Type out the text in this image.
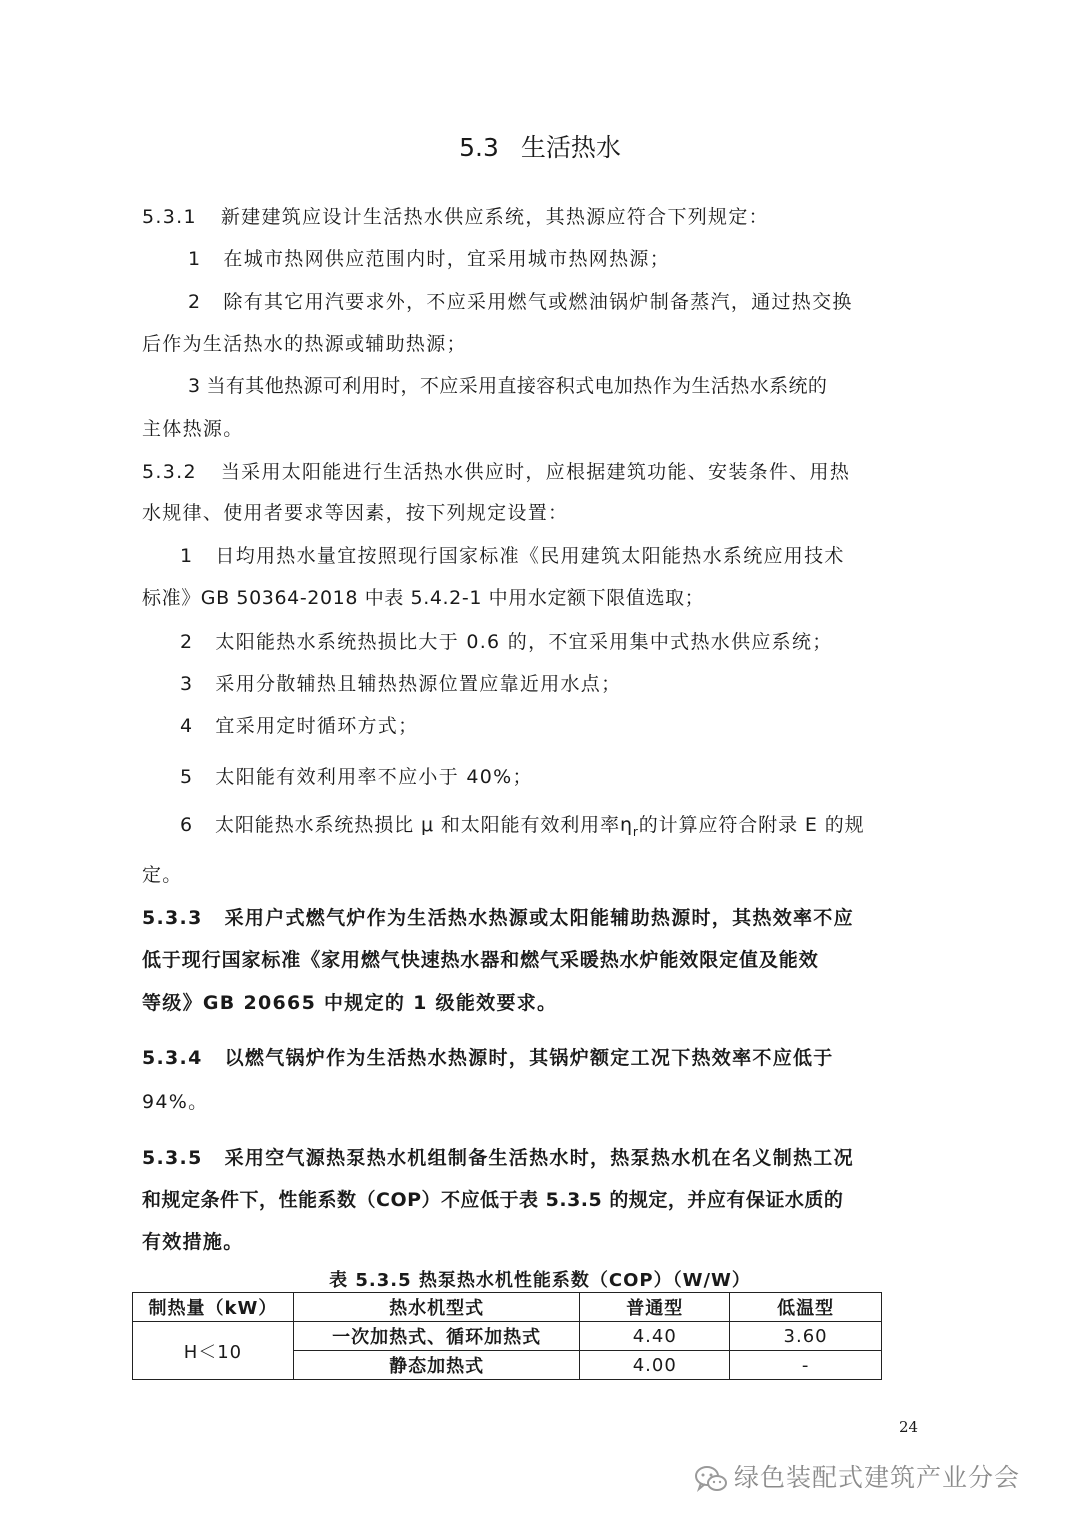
5.3 生活热水
5.3.1 新建建筑应设计生活热水供应系统，其热源应符合下列规定：
1 在城市热网供应范围内时，宜采用城市热网热源；
2 除有其它用汽要求外，不应采用燃气或燃油锅炉制备蒸汽，通过热交换
后作为生活热水的热源或辅助热源；
3 当有其他热源可利用时，不应采用直接容积式电加热作为生活热水系统的
主体热源。
5.3.2 当采用太阳能进行生活热水供应时，应根据建筑功能、安装条件、用热
水规律、使用者要求等因素，按下列规定设置：
1 日均用热水量宜按照现行国家标准《民用建筑太阳能热水系统应用技术
标准》GB 50364-2018 中表 5.4.2-1 中用水定额下限值选取；
2 太阳能热水系统热损比大于 0.6 的，不宜采用集中式热水供应系统；
3 采用分散辅热且辅热热源位置应靠近用水点；
4 宜采用定时循环方式；
5 太阳能有效利用率不应小于 40%；
6 太阳能热水系统热损比 μ 和太阳能有效利用率$\eta_r$的计算应符合附录 E 的规
定。
5.3.3 采用户式燃气炉作为生活热水热源或太阳能辅助热源时，其热效率不应
低于现行国家标准《家用燃气快速热水器和燃气采暖热水炉能效限定值及能效
等级》GB 20665 中规定的 1 级能效要求。
5.3.4 以燃气锅炉作为生活热水热源时，其锅炉额定工况下热效率不应低于
94%。
5.3.5 采用空气源热泵热水机组制备生活热水时，热泵热水机在名义制热工况
和规定条件下，性能系数（COP）不应低于表 5.3.5 的规定，并应有保证水质的
有效措施。
表 5.3.5 热泵热水机性能系数（COP）（W/W）
制热量（kW）	热水机型式	普通型	低温型
H＜10	一次加热式、循环加热式	4.40	3.60
	静态加热式	4.00	-
24
绿色装配式建筑产业分会
